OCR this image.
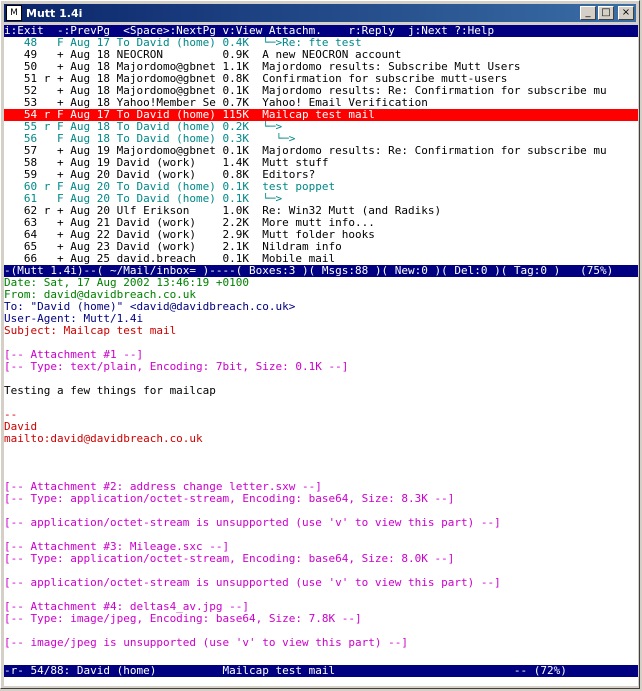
M Mutt 1.4i	_	□	×
i:Exit  -:PrevPg  <Space>:NextPg v:View Attachm.    r:Reply  j:Next ?:Help
48   F Aug 17 To David (home) 0.4K  └─>Re: fte test
49   + Aug 18 NEOCRON         0.9K  A new NEOCRON account
50   + Aug 18 Majordomo@gbnet 1.1K  Majordomo results: Subscribe Mutt Users
51 r + Aug 18 Majordomo@gbnet 0.8K  Confirmation for subscribe mutt-users
52   + Aug 18 Majordomo@gbnet 0.1K  Majordomo results: Re: Confirmation for subscribe mu
53   + Aug 18 Yahoo!Member Se 0.7K  Yahoo! Email Verification
54 r F Aug 17 To David (home) 115K  Mailcap test mail
55 r F Aug 18 To David (home) 0.2K  └─>
56   F Aug 18 To David (home) 0.3K    └─>
57   + Aug 19 Majordomo@gbnet 0.1K  Majordomo results: Re: Confirmation for subscribe mu
58   + Aug 19 David (work)    1.4K  Mutt stuff
59   + Aug 20 David (work)    0.8K  Editors?
60 r F Aug 20 To David (home) 0.1K  test poppet
61   F Aug 20 To David (home) 0.1K  └─>
62 r + Aug 20 Ulf Erikson     1.0K  Re: Win32 Mutt (and Radiks)
63   + Aug 21 David (work)    2.2K  More mutt info...
64   + Aug 22 David (work)    2.9K  Mutt folder hooks
65   + Aug 23 David (work)    2.1K  Nildram info
66   + Aug 25 david.breach    0.1K  Mobile mail
-(Mutt 1.4i)--( ~/Mail/inbox= )----( Boxes:3 )( Msgs:88 )( New:0 )( Del:0 )( Tag:0 )   (75%)
Date: Sat, 17 Aug 2002 13:46:19 +0100
From: david@davidbreach.co.uk
To: "David (home)" <david@davidbreach.co.uk>
User-Agent: Mutt/1.4i
Subject: Mailcap test mail
[-- Attachment #1 --]
[-- Type: text/plain, Encoding: 7bit, Size: 0.1K --]
Testing a few things for mailcap
--
David
mailto:david@davidbreach.co.uk
[-- Attachment #2: address change letter.sxw --]
[-- Type: application/octet-stream, Encoding: base64, Size: 8.3K --]
[-- application/octet-stream is unsupported (use 'v' to view this part) --]
[-- Attachment #3: Mileage.sxc --]
[-- Type: application/octet-stream, Encoding: base64, Size: 8.0K --]
[-- application/octet-stream is unsupported (use 'v' to view this part) --]
[-- Attachment #4: deltas4_av.jpg --]
[-- Type: image/jpeg, Encoding: base64, Size: 7.8K --]
[-- image/jpeg is unsupported (use 'v' to view this part) --]
-r- 54/88: David (home)          Mailcap test mail                           -- (72%)
